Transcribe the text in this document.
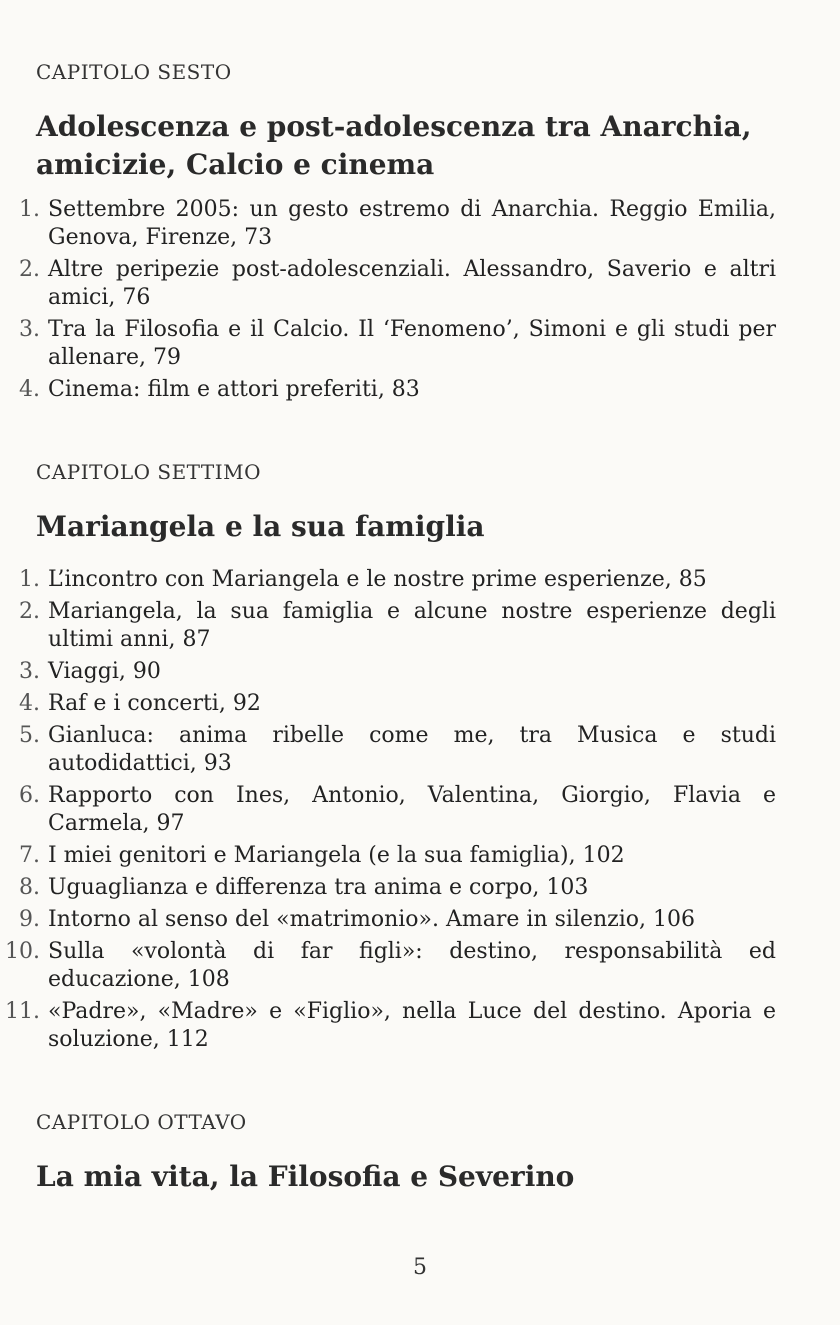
CAPITOLO SESTO

Adolescenza e post-adolescenza tra Anarchia, amicizie, Calcio e cinema
1. Settembre 2005: un gesto estremo di Anarchia. Reggio Emilia, Genova, Firenze, 73
2. Altre peripezie post-adolescenziali. Alessandro, Saverio e altri amici, 76
3. Tra la Filosofia e il Calcio. Il ‘Fenomeno’, Simoni e gli studi per allenare, 79
4. Cinema: film e attori preferiti, 83

CAPITOLO SETTIMO

Mariangela e la sua famiglia
1. L’incontro con Mariangela e le nostre prime esperienze, 85
2. Mariangela, la sua famiglia e alcune nostre esperienze degli ultimi anni, 87
3. Viaggi, 90
4. Raf e i concerti, 92
5. Gianluca: anima ribelle come me, tra Musica e studi autodidattici, 93
6. Rapporto con Ines, Antonio, Valentina, Giorgio, Flavia e Carmela, 97
7. I miei genitori e Mariangela (e la sua famiglia), 102
8. Uguaglianza e differenza tra anima e corpo, 103
9. Intorno al senso del «matrimonio». Amare in silenzio, 106
10. Sulla «volontà di far figli»: destino, responsabilità ed educazione, 108
11. «Padre», «Madre» e «Figlio», nella Luce del destino. Aporia e soluzione, 112

CAPITOLO OTTAVO

La mia vita, la Filosofia e Severino
5
